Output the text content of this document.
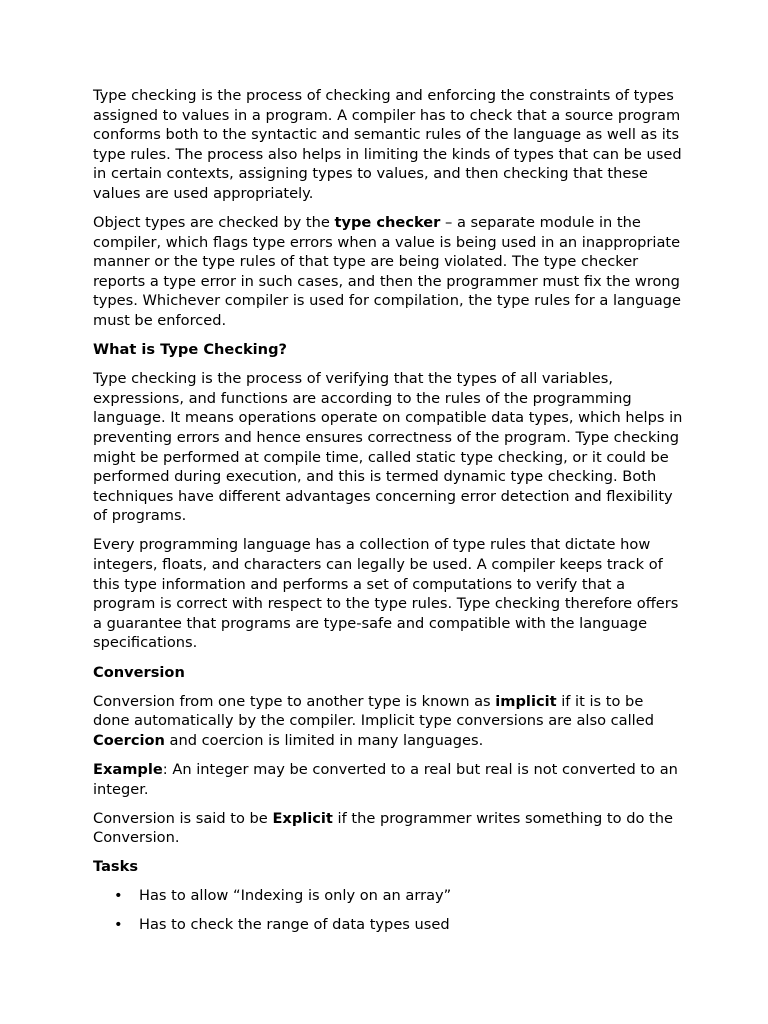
Type checking is the process of checking and enforcing the constraints of types assigned to values in a program. A compiler has to check that a source program conforms both to the syntactic and semantic rules of the language as well as its type rules. The process also helps in limiting the kinds of types that can be used in certain contexts, assigning types to values, and then checking that these values are used appropriately.

Object types are checked by the type checker – a separate module in the compiler, which flags type errors when a value is being used in an inappropriate manner or the type rules of that type are being violated. The type checker reports a type error in such cases, and then the programmer must fix the wrong types. Whichever compiler is used for compilation, the type rules for a language must be enforced.

What is Type Checking?

Type checking is the process of verifying that the types of all variables, expressions, and functions are according to the rules of the programming language. It means operations operate on compatible data types, which helps in preventing errors and hence ensures correctness of the program. Type checking might be performed at compile time, called static type checking, or it could be performed during execution, and this is termed dynamic type checking. Both techniques have different advantages concerning error detection and flexibility of programs.

Every programming language has a collection of type rules that dictate how integers, floats, and characters can legally be used. A compiler keeps track of this type information and performs a set of computations to verify that a program is correct with respect to the type rules. Type checking therefore offers a guarantee that programs are type-safe and compatible with the language specifications.

Conversion

Conversion from one type to another type is known as implicit if it is to be done automatically by the compiler. Implicit type conversions are also called Coercion and coercion is limited in many languages.

Example: An integer may be converted to a real but real is not converted to an integer.

Conversion is said to be Explicit if the programmer writes something to do the Conversion.

Tasks
• Has to allow “Indexing is only on an array”
• Has to check the range of data types used
